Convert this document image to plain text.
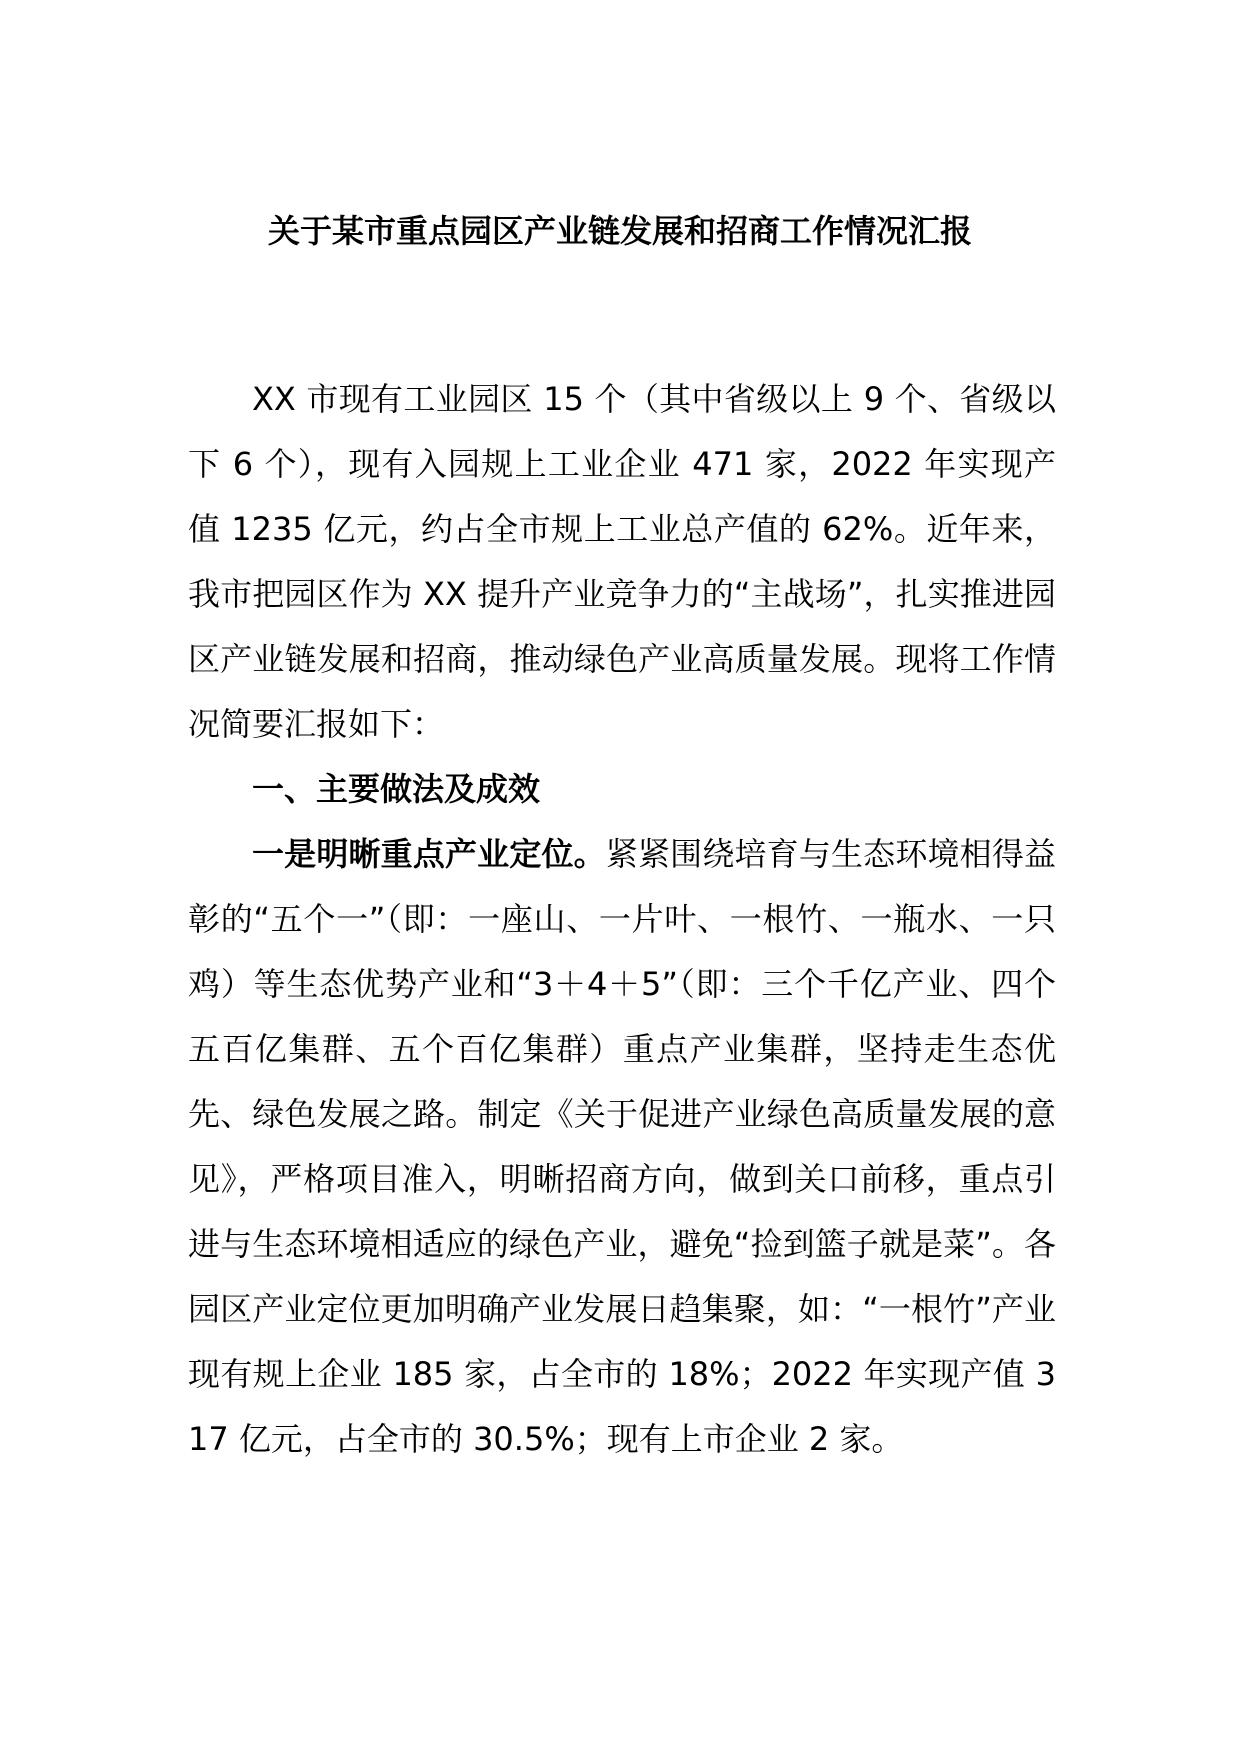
关于某市重点园区产业链发展和招商工作情况汇报

XX 市现有工业园区 15 个（其中省级以上 9 个、省级以下 6 个），现有入园规上工业企业 471 家，2022 年实现产值 1235 亿元，约占全市规上工业总产值的 62%。近年来，我市把园区作为 XX 提升产业竞争力的“主战场”，扎实推进园区产业链发展和招商，推动绿色产业高质量发展。现将工作情况简要汇报如下：

一、主要做法及成效

一是明晰重点产业定位。紧紧围绕培育与生态环境相得益彰的“五个一”（即：一座山、一片叶、一根竹、一瓶水、一只鸡）等生态优势产业和“3＋4＋5”（即：三个千亿产业、四个五百亿集群、五个百亿集群）重点产业集群，坚持走生态优先、绿色发展之路。制定《关于促进产业绿色高质量发展的意见》，严格项目准入，明晰招商方向，做到关口前移，重点引进与生态环境相适应的绿色产业，避免“捡到篮子就是菜”。各园区产业定位更加明确产业发展日趋集聚，如：“一根竹”产业现有规上企业 185 家，占全市的 18%；2022 年实现产值 317 亿元，占全市的 30.5%；现有上市企业 2 家。
